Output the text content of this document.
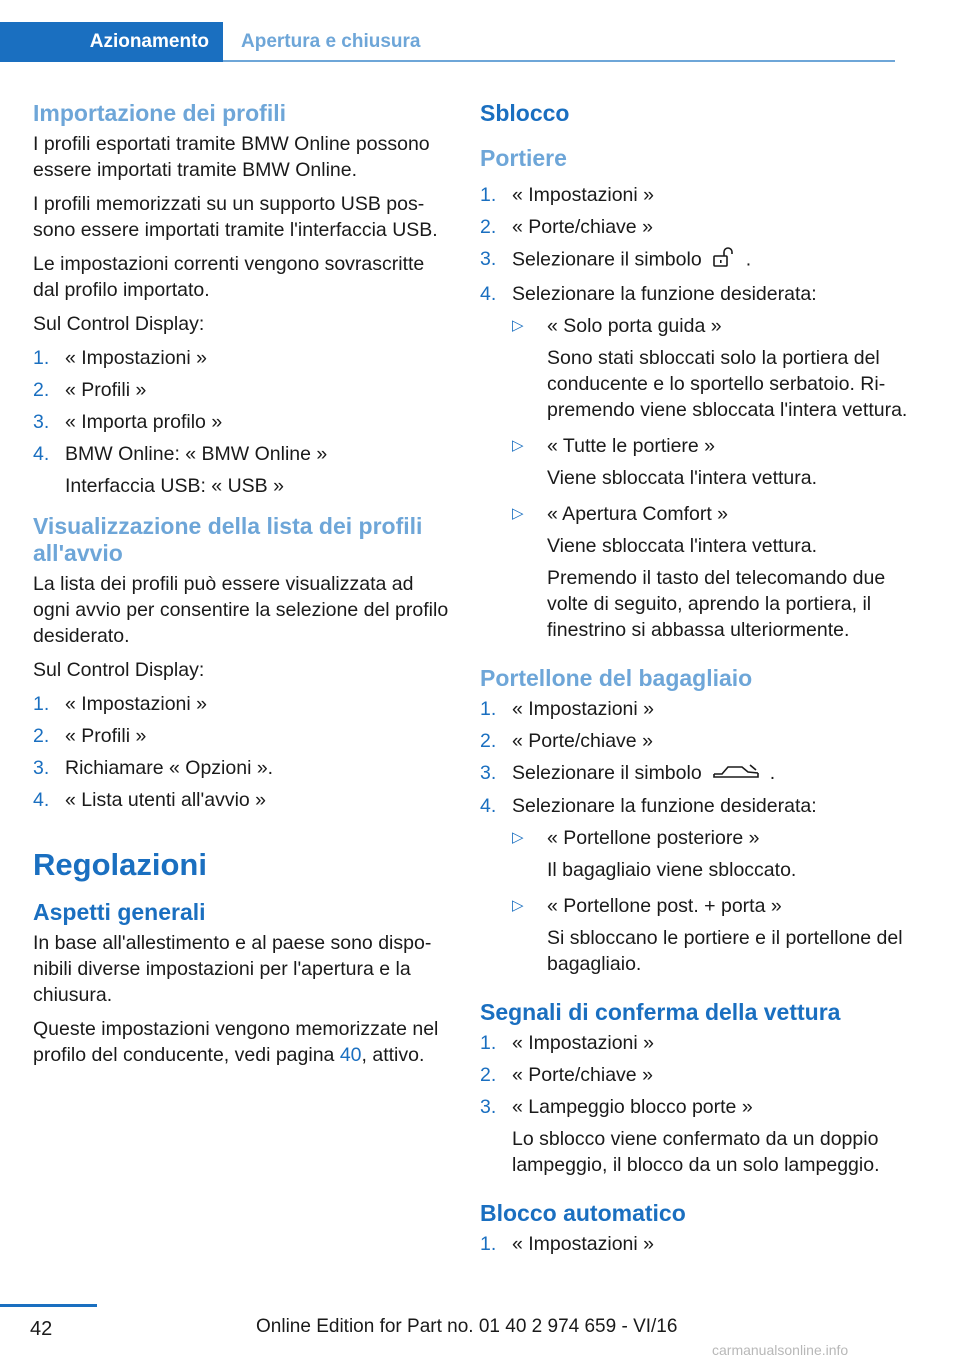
Azionamento	Apertura e chiusura
Importazione dei profili

I profili esportati tramite BMW Online possono essere importati tramite BMW Online.

I profili memorizzati su un supporto USB possono essere importati tramite l'interfaccia USB.

Le impostazioni correnti vengono sovrascritte dal profilo importato.

Sul Control Display:

1. « Impostazioni »
2. « Profili »
3. « Importa profilo »
4. BMW Online: « BMW Online »
Interfaccia USB: « USB »
Visualizzazione della lista dei profili all'avvio

La lista dei profili può essere visualizzata ad ogni avvio per consentire la selezione del profilo desiderato.

Sul Control Display:

1. « Impostazioni »
2. « Profili »
3. Richiamare « Opzioni ».
4. « Lista utenti all'avvio »
Regolazioni
Aspetti generali

In base all'allestimento e al paese sono disponibili diverse impostazioni per l'apertura e la chiusura.

Queste impostazioni vengono memorizzate nel profilo del conducente, vedi pagina 40, attivo.

Sblocco
Portiere
1. « Impostazioni »
2. « Porte/chiave »
3. Selezionare il simbolo .
4. Selezionare la funzione desiderata:
▷ « Solo porta guida »
Sono stati sbloccati solo la portiera del conducente e lo sportello serbatoio. Ripremendo viene sbloccata l'intera vettura.
▷ « Tutte le portiere »
Viene sbloccata l'intera vettura.
▷ « Apertura Comfort »
Viene sbloccata l'intera vettura.
Premendo il tasto del telecomando due volte di seguito, aprendo la portiera, il finestrino si abbassa ulteriormente.
Portellone del bagagliaio
1. « Impostazioni »
2. « Porte/chiave »
3. Selezionare il simbolo	.
4. Selezionare la funzione desiderata:
▷ « Portellone posteriore »
Il bagagliaio viene sbloccato.
▷ « Portellone post. + porta »
Si sbloccano le portiere e il portellone del bagagliaio.
Segnali di conferma della vettura
1. « Impostazioni »
2. « Porte/chiave »
3. « Lampeggio blocco porte »
Lo sblocco viene confermato da un doppio lampeggio, il blocco da un solo lampeggio.
Blocco automatico
1. « Impostazioni »
42	Online Edition for Part no. 01 40 2 974 659 - VI/16
carmanualsonline.info
